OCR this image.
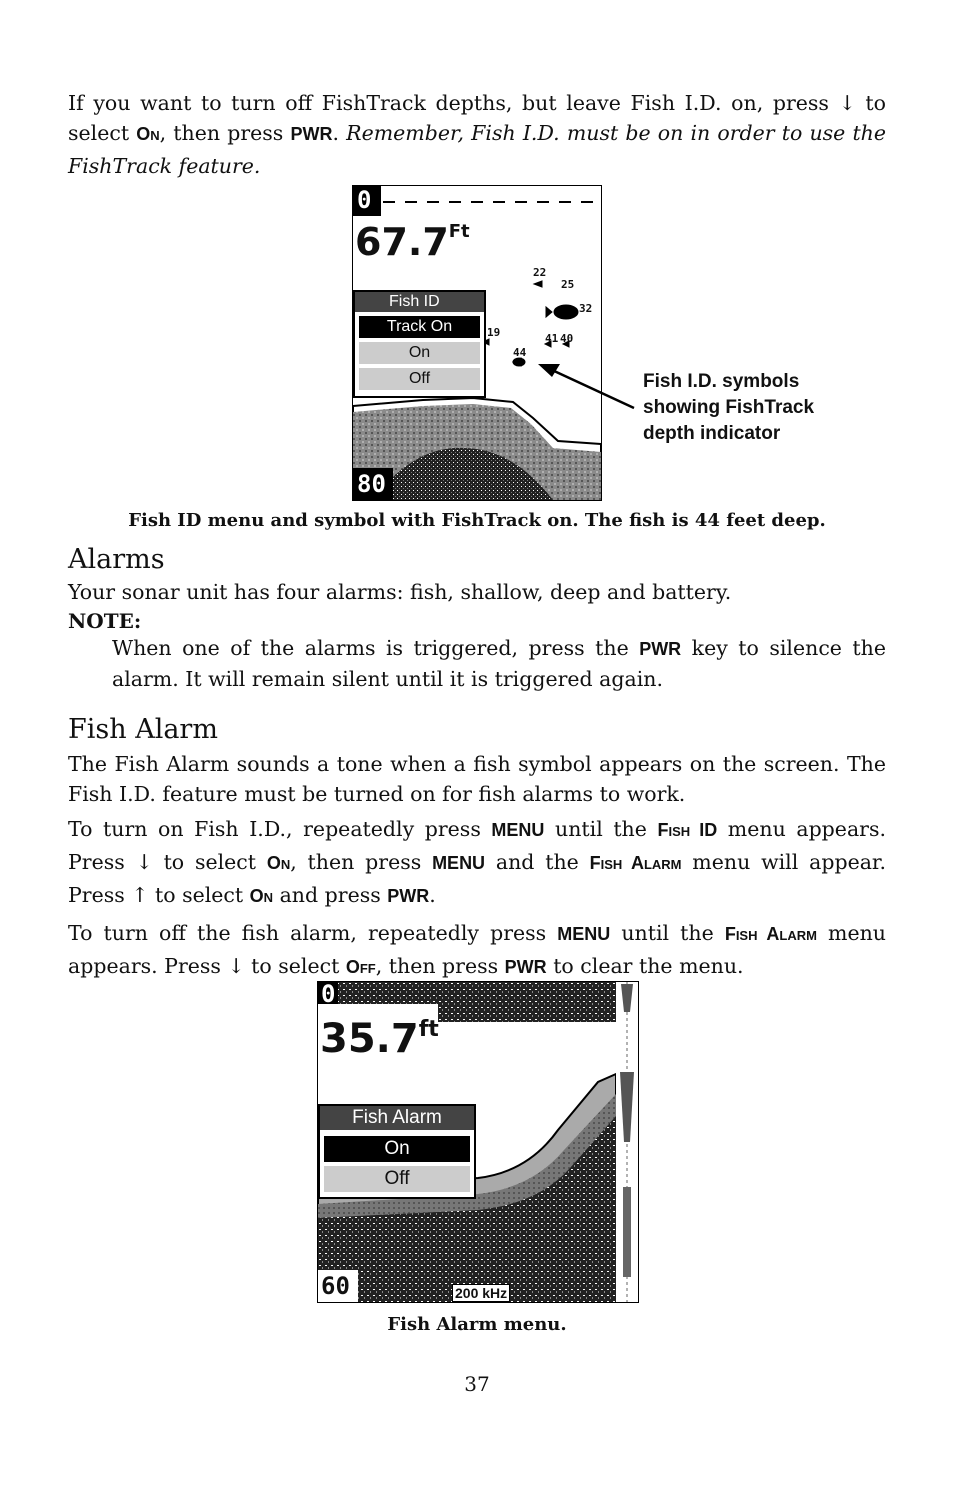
If you want to turn off FishTrack depths, but leave Fish I.D. on, press ↓ to select ON, then press PWR. Remember, Fish I.D. must be on in order to use the FishTrack feature.

0
$67.7^{Ft}$
22
25
32
19
44
41 40
Fish ID
Track On
On
Off
80
Fish I.D. symbols showing FishTrack depth indicator

Fish ID menu and symbol with FishTrack on. The fish is 44 feet deep.

Alarms

Your sonar unit has four alarms: fish, shallow, deep and battery.

NOTE:

When one of the alarms is triggered, press the PWR key to silence the alarm. It will remain silent until it is triggered again.

Fish Alarm

The Fish Alarm sounds a tone when a fish symbol appears on the screen. The Fish I.D. feature must be turned on for fish alarms to work.

To turn on Fish I.D., repeatedly press MENU until the FISH ID menu appears. Press ↓ to select ON, then press MENU and the FISH ALARM menu will appear. Press ↑ to select ON and press PWR.

To turn off the fish alarm, repeatedly press MENU until the FISH ALARM menu appears. Press ↓ to select OFF, then press PWR to clear the menu.

0
$35.7^{ft}$
Fish Alarm
On
Off
60	200 kHz

Fish Alarm menu.

37
